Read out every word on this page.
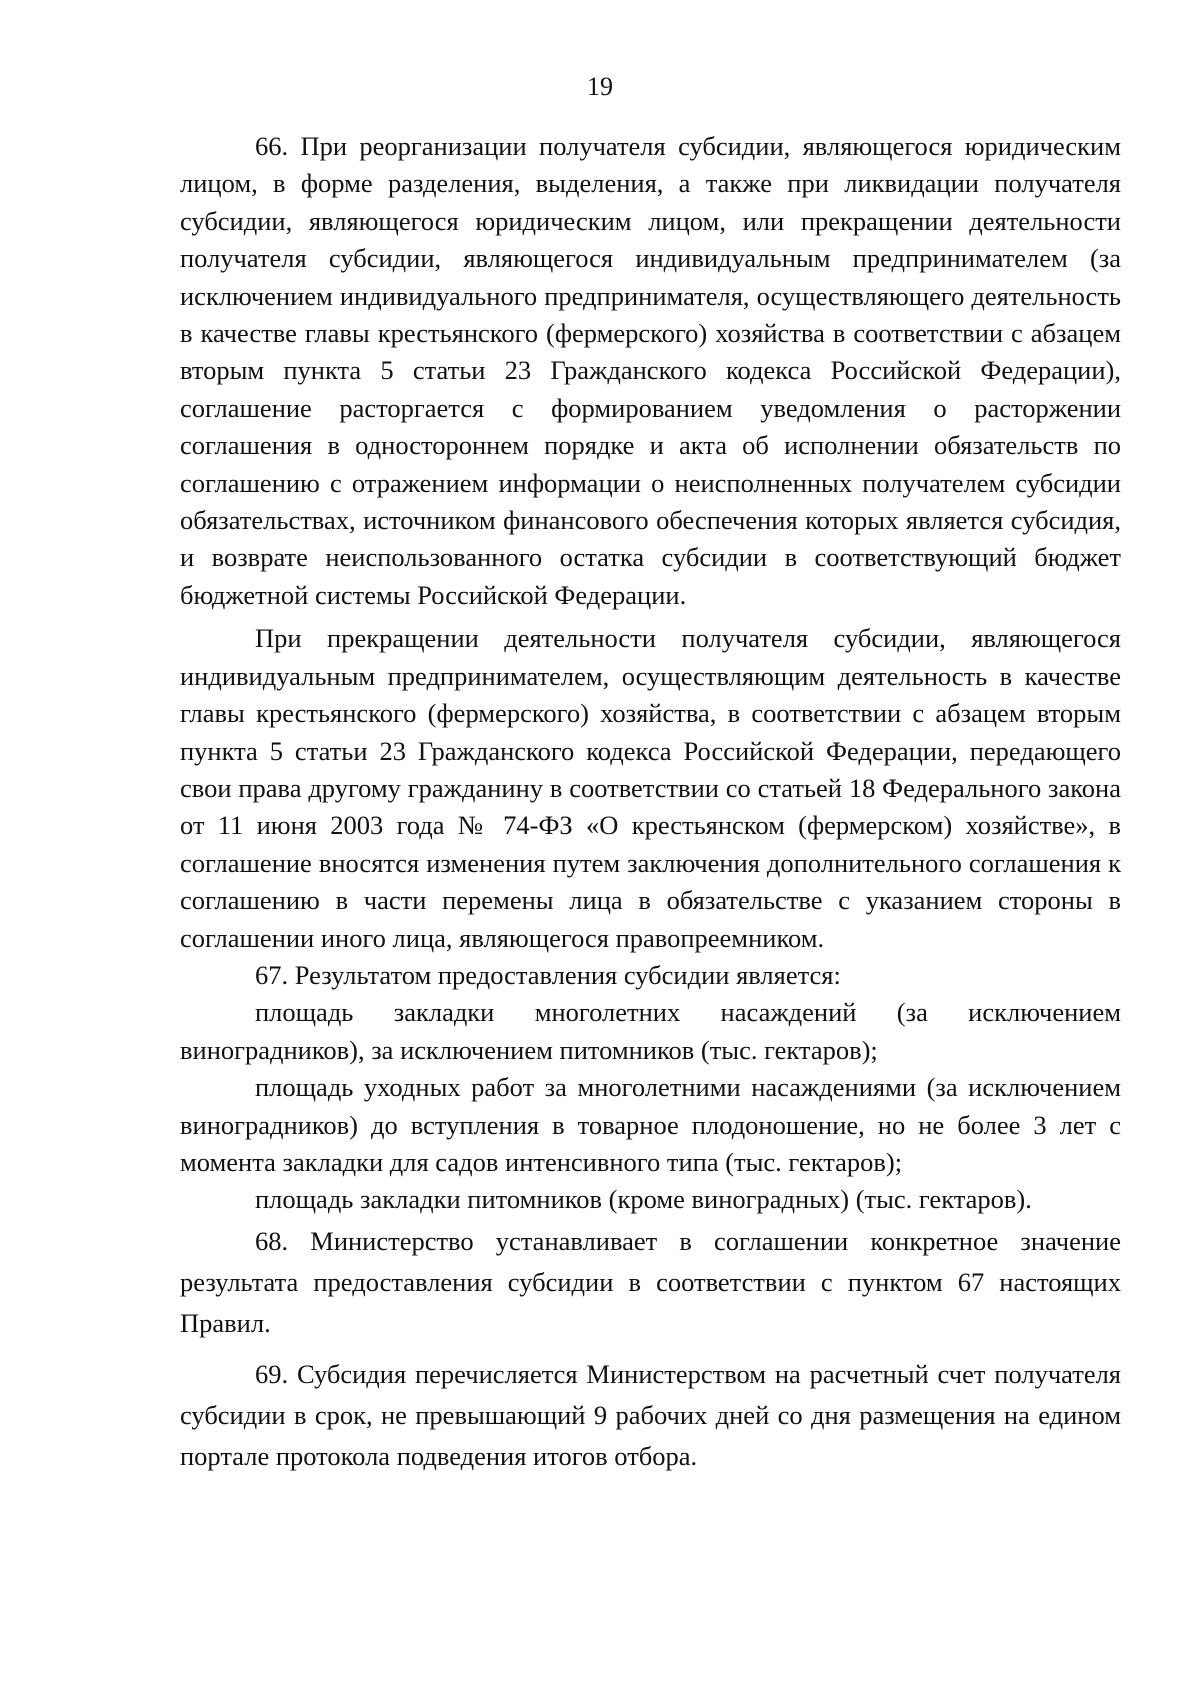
19

66. При реорганизации получателя субсидии, являющегося юридическим лицом, в форме разделения, выделения, а также при ликвидации получателя субсидии, являющегося юридическим лицом, или прекращении деятельности получателя субсидии, являющегося индивидуальным предпринимателем (за исключением индивидуального предпринимателя, осуществляющего деятельность в качестве главы крестьянского (фермерского) хозяйства в соответствии с абзацем вторым пункта 5 статьи 23 Гражданского кодекса Российской Федерации), соглашение расторгается с формированием уведомления о расторжении соглашения в одностороннем порядке и акта об исполнении обязательств по соглашению с отражением информации о неисполненных получателем субсидии обязательствах, источником финансового обеспечения которых является субсидия, и возврате неиспользованного остатка субсидии в соответствующий бюджет бюджетной системы Российской Федерации.

При прекращении деятельности получателя субсидии, являющегося индивидуальным предпринимателем, осуществляющим деятельность в качестве главы крестьянского (фермерского) хозяйства, в соответствии с абзацем вторым пункта 5 статьи 23 Гражданского кодекса Российской Федерации, передающего свои права другому гражданину в соответствии со статьей 18 Федерального закона от 11 июня 2003 года № 74-ФЗ «О крестьянском (фермерском) хозяйстве», в соглашение вносятся изменения путем заключения дополнительного соглашения к соглашению в части перемены лица в обязательстве с указанием стороны в соглашении иного лица, являющегося правопреемником.

67. Результатом предоставления субсидии является:

площадь закладки многолетних насаждений (за исключением виноградников), за исключением питомников (тыс. гектаров);

площадь уходных работ за многолетними насаждениями (за исключением виноградников) до вступления в товарное плодоношение, но не более 3 лет с момента закладки для садов интенсивного типа (тыс. гектаров);

площадь закладки питомников (кроме виноградных) (тыс. гектаров).

68. Министерство устанавливает в соглашении конкретное значение результата предоставления субсидии в соответствии с пунктом 67 настоящих Правил.

69. Субсидия перечисляется Министерством на расчетный счет получателя субсидии в срок, не превышающий 9 рабочих дней со дня размещения на едином портале протокола подведения итогов отбора.
